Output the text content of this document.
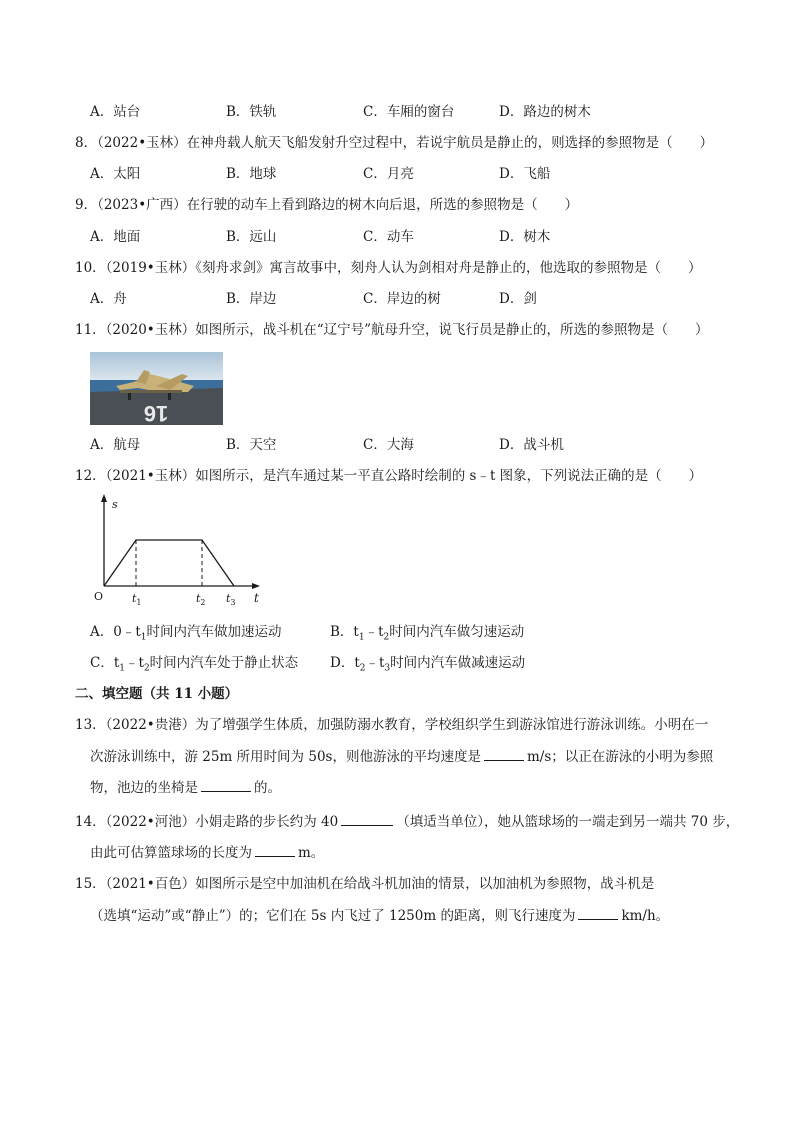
A．站台	B．铁轨	C．车厢的窗台	D．路边的树木
8．（2022•玉林）在神舟载人航天飞船发射升空过程中，若说宇航员是静止的，则选择的参照物是（　　）
A．太阳	B．地球	C．月亮	D．飞船
9．（2023•广西）在行驶的动车上看到路边的树木向后退，所选的参照物是（　　）
A．地面	B．远山	C．动车	D．树木
10．（2019•玉林）《刻舟求剑》寓言故事中，刻舟人认为剑相对舟是静止的，他选取的参照物是（　　）
A．舟	B．岸边	C．岸边的树	D．剑
11．（2020•玉林）如图所示，战斗机在“辽宁号”航母升空，说飞行员是静止的，所选的参照物是（　　）
16
A．航母	B．天空	C．大海	D．战斗机
12．（2021•玉林）如图所示，是汽车通过某一平直公路时绘制的 s﹣t 图象，下列说法正确的是（　　）
s
t
O	$t_1$	$t_2$ $t_3$
A．$0﹣t_1$时间内汽车做加速运动	B．$t_1﹣t_2$时间内汽车做匀速运动
C．$t_1﹣t_2$时间内汽车处于静止状态 D．$t_2﹣t_3$时间内汽车做减速运动
二、填空题（共 11 小题）
13．（2022•贵港）为了增强学生体质，加强防溺水教育，学校组织学生到游泳馆进行游泳训练。小明在一
次游泳训练中，游 25m 所用时间为 50s，则他游泳的平均速度是	m/s；以正在游泳的小明为参照
物，池边的坐椅是	的。
14．（2022•河池）小娟走路的步长约为 40	（填适当单位），她从篮球场的一端走到另一端共 70 步，
由此可估算篮球场的长度为	m。
15．（2021•百色）如图所示是空中加油机在给战斗机加油的情景，以加油机为参照物，战斗机是
（选填“运动”或“静止”）的；它们在 5s 内飞过了 1250m 的距离，则飞行速度为	km/h。
